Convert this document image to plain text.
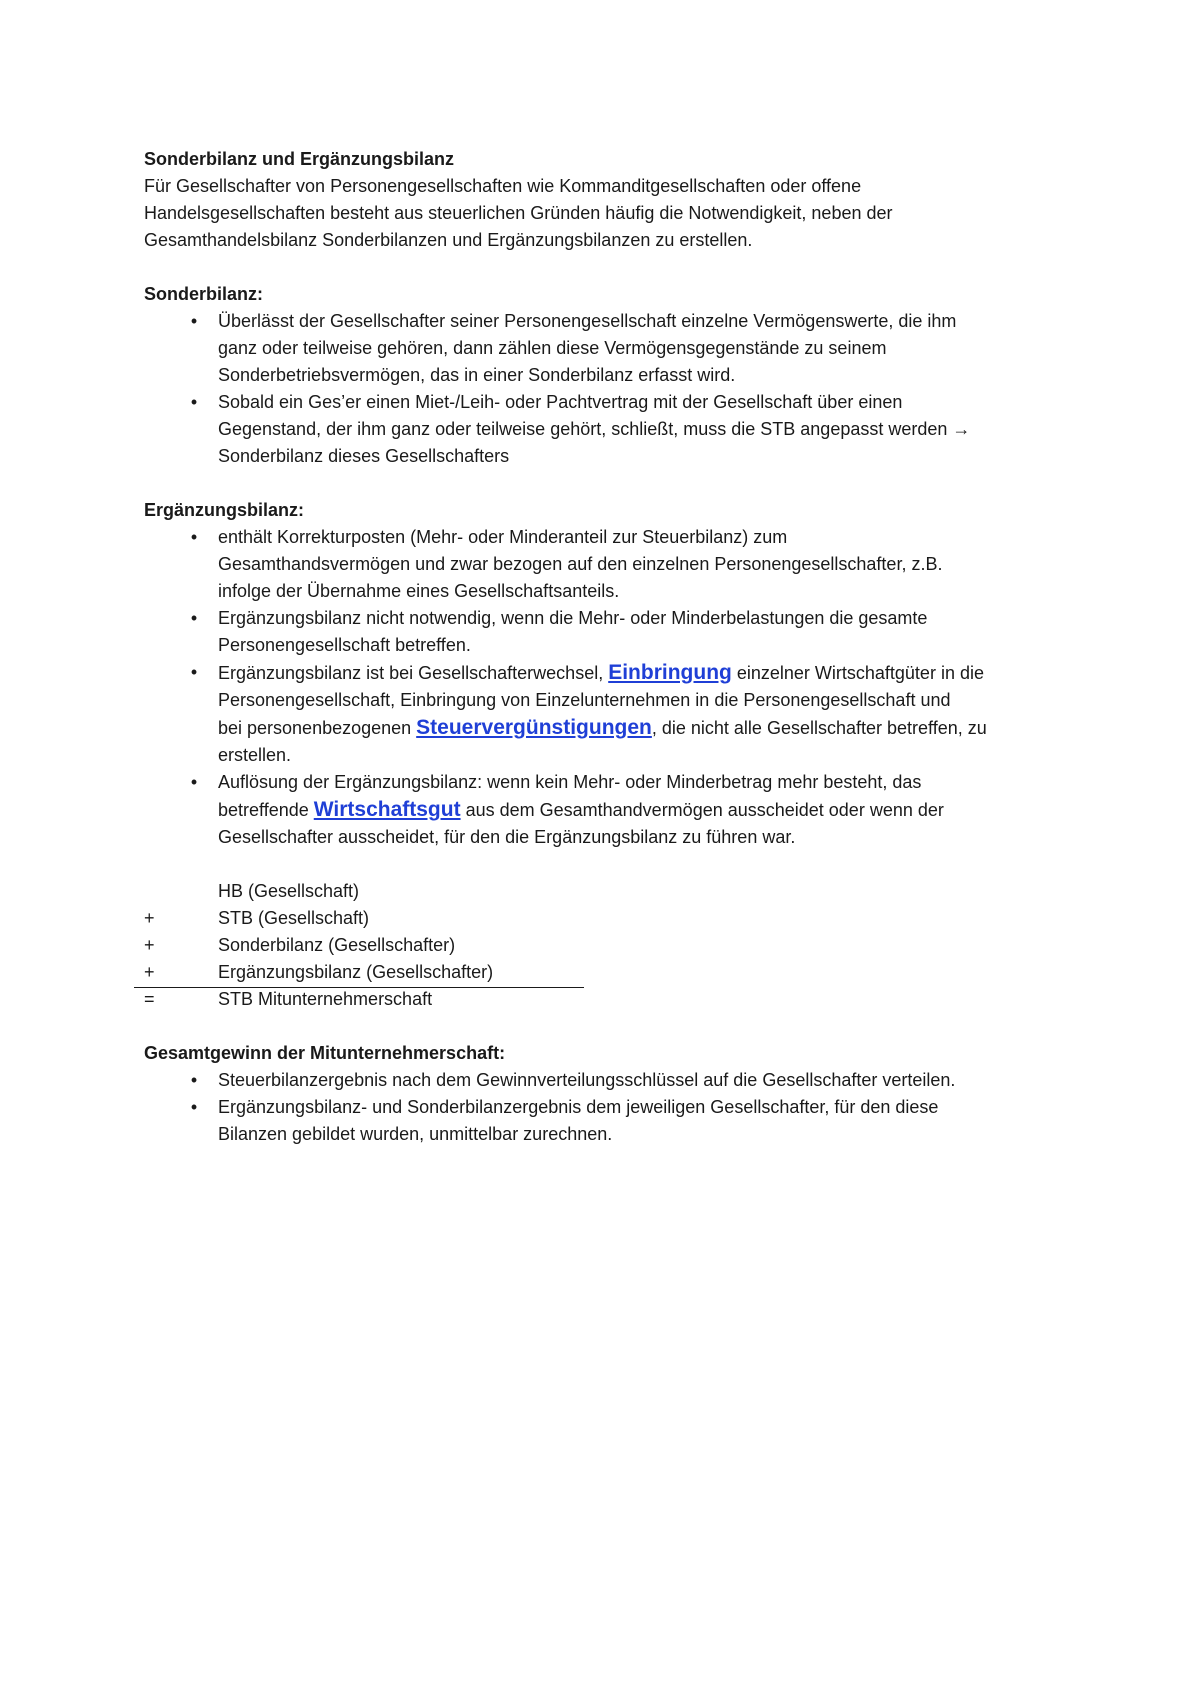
Sonderbilanz und Ergänzungsbilanz
Für Gesellschafter von Personengesellschaften wie Kommanditgesellschaften oder offene
Handelsgesellschaften besteht aus steuerlichen Gründen häufig die Notwendigkeit, neben der
Gesamthandelsbilanz Sonderbilanzen und Ergänzungsbilanzen zu erstellen.
Sonderbilanz:
•	Überlässt der Gesellschafter seiner Personengesellschaft einzelne Vermögenswerte, die ihm
ganz oder teilweise gehören, dann zählen diese Vermögensgegenstände zu seinem
Sonderbetriebsvermögen, das in einer Sonderbilanz erfasst wird.
•	Sobald ein Ges’er einen Miet-/Leih- oder Pachtvertrag mit der Gesellschaft über einen
Gegenstand, der ihm ganz oder teilweise gehört, schließt, muss die STB angepasst werden →
Sonderbilanz dieses Gesellschafters
Ergänzungsbilanz:
•	enthält Korrekturposten (Mehr- oder Minderanteil zur Steuerbilanz) zum
Gesamthandsvermögen und zwar bezogen auf den einzelnen Personengesellschafter, z.B.
infolge der Übernahme eines Gesellschaftsanteils.
•	Ergänzungsbilanz nicht notwendig, wenn die Mehr- oder Minderbelastungen die gesamte
Personengesellschaft betreffen.
•	Ergänzungsbilanz ist bei Gesellschafterwechsel, Einbringung einzelner Wirtschaftgüter in die
Personengesellschaft, Einbringung von Einzelunternehmen in die Personengesellschaft und
bei personenbezogenen Steuervergünstigungen, die nicht alle Gesellschafter betreffen, zu
erstellen.
•	Auflösung der Ergänzungsbilanz: wenn kein Mehr- oder Minderbetrag mehr besteht, das
betreffende Wirtschaftsgut aus dem Gesamthandvermögen ausscheidet oder wenn der
Gesellschafter ausscheidet, für den die Ergänzungsbilanz zu führen war.
HB (Gesellschaft)
+	STB (Gesellschaft)
+	Sonderbilanz (Gesellschafter)
+	Ergänzungsbilanz (Gesellschafter)
=	STB Mitunternehmerschaft
Gesamtgewinn der Mitunternehmerschaft:
•	Steuerbilanzergebnis nach dem Gewinnverteilungsschlüssel auf die Gesellschafter verteilen.
•	Ergänzungsbilanz- und Sonderbilanzergebnis dem jeweiligen Gesellschafter, für den diese
Bilanzen gebildet wurden, unmittelbar zurechnen.
